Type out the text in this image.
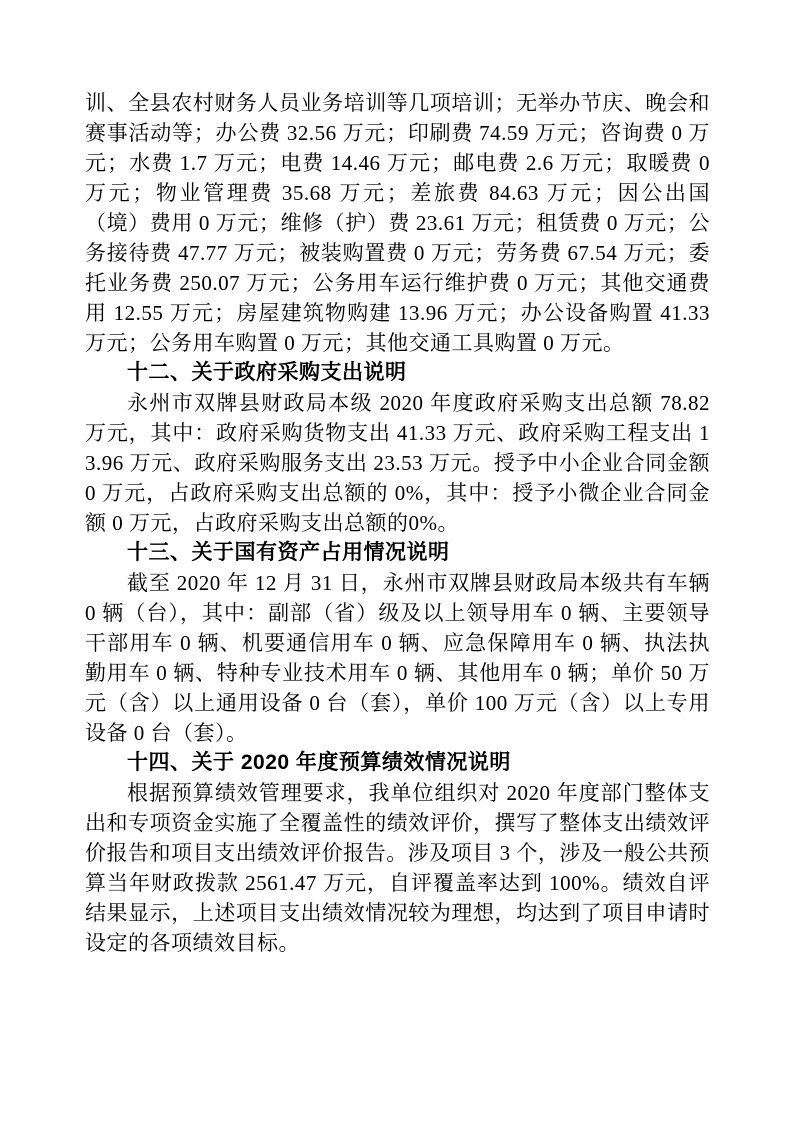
训、全县农村财务人员业务培训等几项培训；无举办节庆、晚会和赛事活动等；办公费 32.56 万元；印刷费 74.59 万元；咨询费 0 万元；水费 1.7 万元；电费 14.46 万元；邮电费 2.6 万元；取暖费 0 万元；物业管理费 35.68 万元；差旅费 84.63 万元；因公出国（境）费用 0 万元；维修（护）费 23.61 万元；租赁费 0 万元；公务接待费 47.77 万元；被装购置费 0 万元；劳务费 67.54 万元；委托业务费 250.07 万元；公务用车运行维护费 0 万元；其他交通费用 12.55 万元；房屋建筑物购建 13.96 万元；办公设备购置 41.33 万元；公务用车购置 0 万元；其他交通工具购置 0 万元。

十二、关于政府采购支出说明

永州市双牌县财政局本级 2020 年度政府采购支出总额 78.82 万元，其中：政府采购货物支出 41.33 万元、政府采购工程支出 13.96 万元、政府采购服务支出 23.53 万元。授予中小企业合同金额 0 万元，占政府采购支出总额的 0%，其中：授予小微企业合同金额 0 万元，占政府采购支出总额的0%。

十三、关于国有资产占用情况说明

截至 2020 年 12 月 31 日，永州市双牌县财政局本级共有车辆 0 辆（台），其中：副部（省）级及以上领导用车 0 辆、主要领导干部用车 0 辆、机要通信用车 0 辆、应急保障用车 0 辆、执法执勤用车 0 辆、特种专业技术用车 0 辆、其他用车 0 辆；单价 50 万元（含）以上通用设备 0 台（套），单价 100 万元（含）以上专用设备 0 台（套）。

十四、关于 2020 年度预算绩效情况说明

根据预算绩效管理要求，我单位组织对 2020 年度部门整体支出和专项资金实施了全覆盖性的绩效评价，撰写了整体支出绩效评价报告和项目支出绩效评价报告。涉及项目 3 个，涉及一般公共预算当年财政拨款 2561.47 万元，自评覆盖率达到 100%。绩效自评结果显示，上述项目支出绩效情况较为理想，均达到了项目申请时设定的各项绩效目标。
